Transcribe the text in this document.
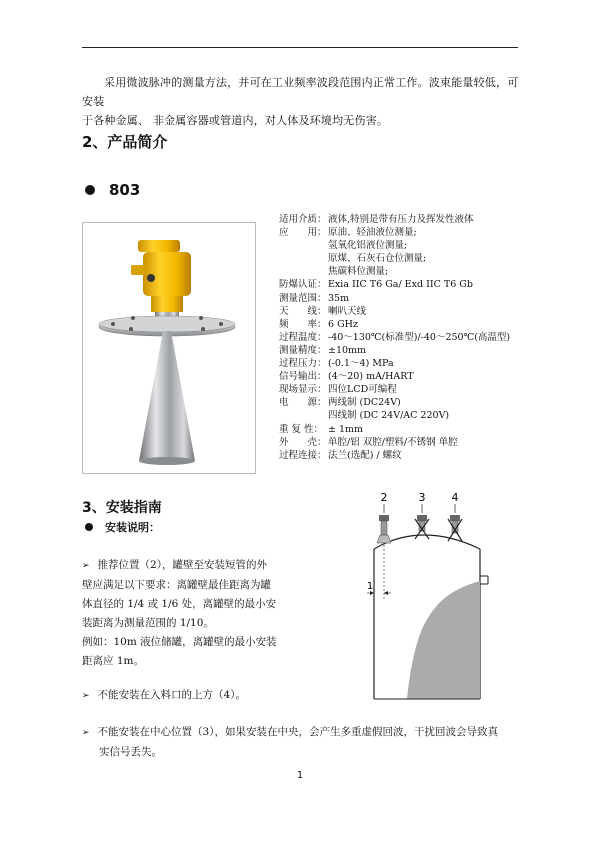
采用微波脉冲的测量方法，并可在工业频率波段范围内正常工作。波束能量较低，可安装
于各种金属、 非金属容器或管道内，对人体及环境均无伤害。
2、产品简介
803
适用介质： 液体,特别是带有压力及挥发性液体
应　　用： 原油、轻油液位测量;
氢氧化铝液位测量;
原煤、石灰石仓位测量;
焦碳料位测量;
防爆认证： Exia IIC T6 Ga/ Exd IIC T6 Gb
测量范围： 35m
天　　线： 喇叭天线
频　　率： 6 GHz
过程温度： -40～130℃(标准型)/-40～250℃(高温型)
测量精度： ±10mm
过程压力： (-0.1～4) MPa
信号输出： (4～20) mA/HART
现场显示： 四位LCD可编程
电　　源： 两线制 (DC24V)
四线制 (DC 24V/AC 220V)
重 复 性： ± 1mm
外　　壳： 单腔/铝 双腔/塑料/不锈钢 单腔
过程连接： 法兰(选配) / 螺纹
3、安装指南
安装说明：
➢ 推荐位置（2），罐壁至安装短管的外
壁应满足以下要求：离罐壁最佳距离为罐
体直径的 1/4 或 1/6 处，离罐壁的最小安
装距离为测量范围的 1/10。
例如：10m 液位储罐，离罐壁的最小安装
距离应 1m。
➢ 不能安装在入料口的上方（4）。
➢ 不能安装在中心位置（3），如果安装在中央，会产生多重虚假回波，干扰回波会导致真
实信号丢失。
2	3 4
1
1
